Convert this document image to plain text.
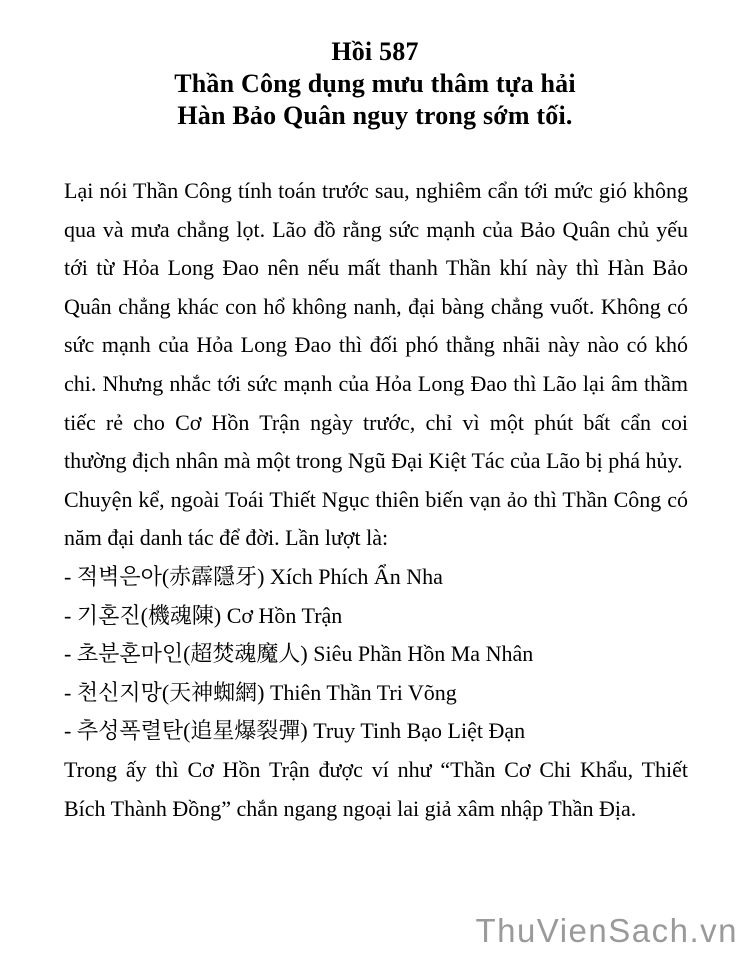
Hồi 587
Thần Công dụng mưu thâm tựa hải
Hàn Bảo Quân nguy trong sớm tối.

Lại nói Thần Công tính toán trước sau, nghiêm cẩn tới mức gió không qua và mưa chẳng lọt. Lão đồ rằng sức mạnh của Bảo Quân chủ yếu tới từ Hỏa Long Đao nên nếu mất thanh Thần khí này thì Hàn Bảo Quân chẳng khác con hổ không nanh, đại bàng chẳng vuốt. Không có sức mạnh của Hỏa Long Đao thì đối phó thằng nhãi này nào có khó chi. Nhưng nhắc tới sức mạnh của Hỏa Long Đao thì Lão lại âm thầm tiếc rẻ cho Cơ Hồn Trận ngày trước, chỉ vì một phút bất cẩn coi thường địch nhân mà một trong Ngũ Đại Kiệt Tác của Lão bị phá hủy.

Chuyện kể, ngoài Toái Thiết Ngục thiên biến vạn ảo thì Thần Công có năm đại danh tác để đời. Lần lượt là:

- 적벽은아(赤霹隱牙) Xích Phích Ẩn Nha
- 기혼진(機魂陳) Cơ Hồn Trận
- 초분혼마인(超焚魂魔人) Siêu Phần Hồn Ma Nhân
- 천신지망(天神蜘網) Thiên Thần Tri Võng
- 추성폭렬탄(追星爆裂彈) Truy Tinh Bạo Liệt Đạn

Trong ấy thì Cơ Hồn Trận được ví như “Thần Cơ Chi Khẩu, Thiết Bích Thành Đồng” chắn ngang ngoại lai giả xâm nhập Thần Địa.

ThuVienSach.vn
